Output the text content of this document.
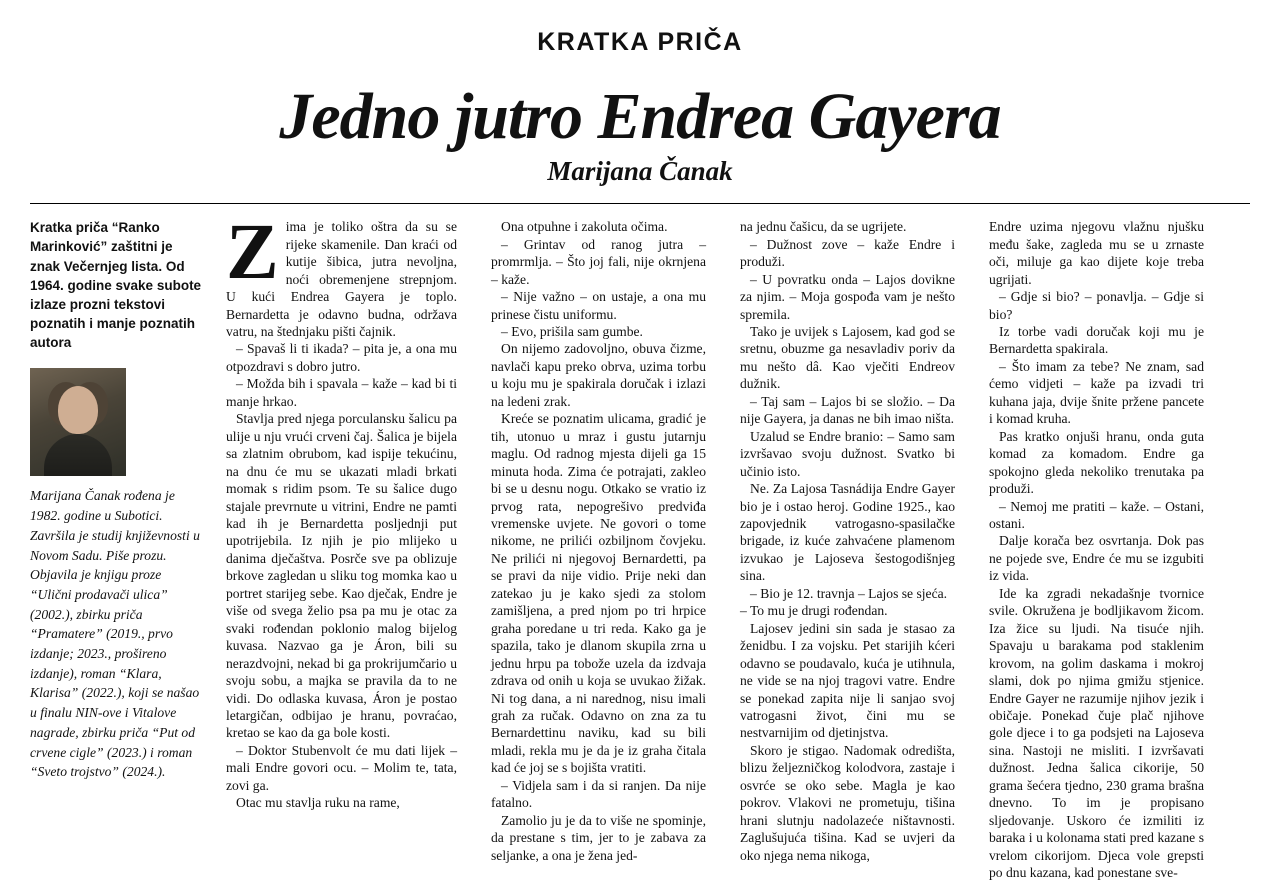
KRATKA PRIČA
Jedno jutro Endrea Gayera
Marijana Čanak

Kratka priča “Ranko Marinković” zaštitni je znak Večernjeg lista. Od 1964. godine svake subote izlaze prozni tekstovi poznatih i manje poznatih autora

Marijana Čanak rođena je 1982. godine u Subotici. Završila je studij književnosti u Novom Sadu. Piše prozu. Objavila je knjigu proze “Ulični prodavači ulica” (2002.), zbirku priča “Pramatere” (2019., prvo izdanje; 2023., prošireno izdanje), roman “Klara, Klarisa” (2022.), koji se našao u finalu NIN-ove i Vitalove nagrade, zbirku priča “Put od crvene cigle” (2023.) i roman “Sveto trojstvo” (2024.).

Zima je toliko oštra da su se rijeke skamenile. Dan kraći od kutije šibica, jutra nevoljna, noći obremenjene strepnjom. U kući Endrea Gayera je toplo. Bernardetta je odavno budna, održava vatru, na štednjaku pišti čajnik.

– Spavaš li ti ikada? – pita je, a ona mu otpozdravi s dobro jutro.

– Možda bih i spavala – kaže – kad bi ti manje hrkao.

Stavlja pred njega porculansku šalicu pa ulije u nju vrući crveni čaj. Šalica je bijela sa zlatnim obrubom, kad ispije tekućinu, na dnu će mu se ukazati mladi brkati momak s ridim psom. Te su šalice dugo stajale prevrnute u vitrini, Endre ne pamti kad ih je Bernardetta posljednji put upotrijebila. Iz njih je pio mlijeko u danima dječaštva. Posrče sve pa oblizuje brkove zagledan u sliku tog momka kao u portret starijeg sebe. Kao dječak, Endre je više od svega želio psa pa mu je otac za svaki rođendan poklonio malog bijelog kuvasa. Nazvao ga je Áron, bili su nerazdvojni, nekad bi ga prokrijumčario u svoju sobu, a majka se pravila da to ne vidi. Do odlaska kuvasa, Áron je postao letargičan, odbijao je hranu, povraćao, kretao se kao da ga bole kosti.

– Doktor Stubenvolt će mu dati lijek – mali Endre govori ocu. – Molim te, tata, zovi ga.

Otac mu stavlja ruku na rame,

Ona otpuhne i zakoluta očima.

– Grintav od ranog jutra – promrmlja. – Što joj fali, nije okrnjena – kaže.

– Nije važno – on ustaje, a ona mu prinese čistu uniformu.

– Evo, prišila sam gumbe.

On nijemo zadovoljno, obuva čizme, navlači kapu preko obrva, uzima torbu u koju mu je spakirala doručak i izlazi na ledeni zrak.

Kreće se poznatim ulicama, gradić je tih, utonuo u mraz i gustu jutarnju maglu. Od radnog mjesta dijeli ga 15 minuta hoda. Zima će potrajati, zakleo bi se u desnu nogu. Otkako se vratio iz prvog rata, nepogrešivo predviđa vremenske uvjete. Ne govori o tome nikome, ne prilići ozbiljnom čovjeku. Ne prilići ni njegovoj Bernardetti, pa se pravi da nije vidio. Prije neki dan zatekao ju je kako sjedi za stolom zamišljena, a pred njom po tri hrpice graha poredane u tri reda. Kako ga je spazila, tako je dlanom skupila zrna u jednu hrpu pa tobože uzela da izdvaja zdrava od onih u koja se uvukao žižak. Ni tog dana, a ni narednog, nisu imali grah za ručak. Odavno on zna za tu Bernardettinu naviku, kad su bili mladi, rekla mu je da je iz graha čitala kad će joj se s bojišta vratiti.

– Vidjela sam i da si ranjen. Da nije fatalno.

Zamolio ju je da to više ne spominje, da prestane s tim, jer to je zabava za seljanke, a ona je žena jed-

na jednu čašicu, da se ugrijete.

– Dužnost zove – kaže Endre i produži.

– U povratku onda – Lajos dovikne za njim. – Moja gospođa vam je nešto spremila.

Tako je uvijek s Lajosem, kad god se sretnu, obuzme ga nesavladiv poriv da mu nešto dâ. Kao vječiti Endreov dužnik.

– Taj sam – Lajos bi se složio. – Da nije Gayera, ja danas ne bih imao ništa.

Uzalud se Endre branio: – Samo sam izvršavao svoju dužnost. Svatko bi učinio isto.

Ne. Za Lajosa Tasnádija Endre Gayer bio je i ostao heroj. Godine 1925., kao zapovjednik vatrogasno-spasilačke brigade, iz kuće zahvaćene plamenom izvukao je Lajoseva šestogodišnjeg sina.

– Bio je 12. travnja – Lajos se sjeća.

– To mu je drugi rođendan.

Lajosev jedini sin sada je stasao za ženidbu. I za vojsku. Pet starijih kćeri odavno se poudavalo, kuća je utihnula, ne vide se na njoj tragovi vatre. Endre se ponekad zapita nije li sanjao svoj vatrogasni život, čini mu se nestvarnijim od djetinjstva.

Skoro je stigao. Nadomak odredišta, blizu željezničkog kolodvora, zastaje i osvrće se oko sebe. Magla je kao pokrov. Vlakovi ne prometuju, tišina hrani slutnju nadolazeće ništavnosti. Zaglušujuća tišina. Kad se uvjeri da oko njega nema nikoga,

Endre uzima njegovu vlažnu njušku među šake, zagleda mu se u zrnaste oči, miluje ga kao dijete koje treba ugrijati.

– Gdje si bio? – ponavlja. – Gdje si bio?

Iz torbe vadi doručak koji mu je Bernardetta spakirala.

– Što imam za tebe? Ne znam, sad ćemo vidjeti – kaže pa izvadi tri kuhana jaja, dvije šnite pržene pancete i komad kruha.

Pas kratko onjuši hranu, onda guta komad za komadom. Endre ga spokojno gleda nekoliko trenutaka pa produži.

– Nemoj me pratiti – kaže. – Ostani, ostani.

Dalje korača bez osvrtanja. Dok pas ne pojede sve, Endre će mu se izgubiti iz vida.

Ide ka zgradi nekadašnje tvornice svile. Okružena je bodljikavom žicom. Iza žice su ljudi. Na tisuće njih. Spavaju u barakama pod staklenim krovom, na golim daskama i mokroj slami, dok po njima gmižu stjenice. Endre Gayer ne razumije njihov jezik i običaje. Ponekad čuje plač njihove gole djece i to ga podsjeti na Lajoseva sina. Nastoji ne misliti. I izvršavati dužnost. Jedna šalica cikorije, 50 grama šećera tjedno, 230 grama brašna dnevno. To im je propisano sljedovanje. Uskoro će izmiliti iz baraka i u kolonama stati pred kazane s vrelom cikorijom. Djeca vole grepsti po dnu kazana, kad ponestane sve-
